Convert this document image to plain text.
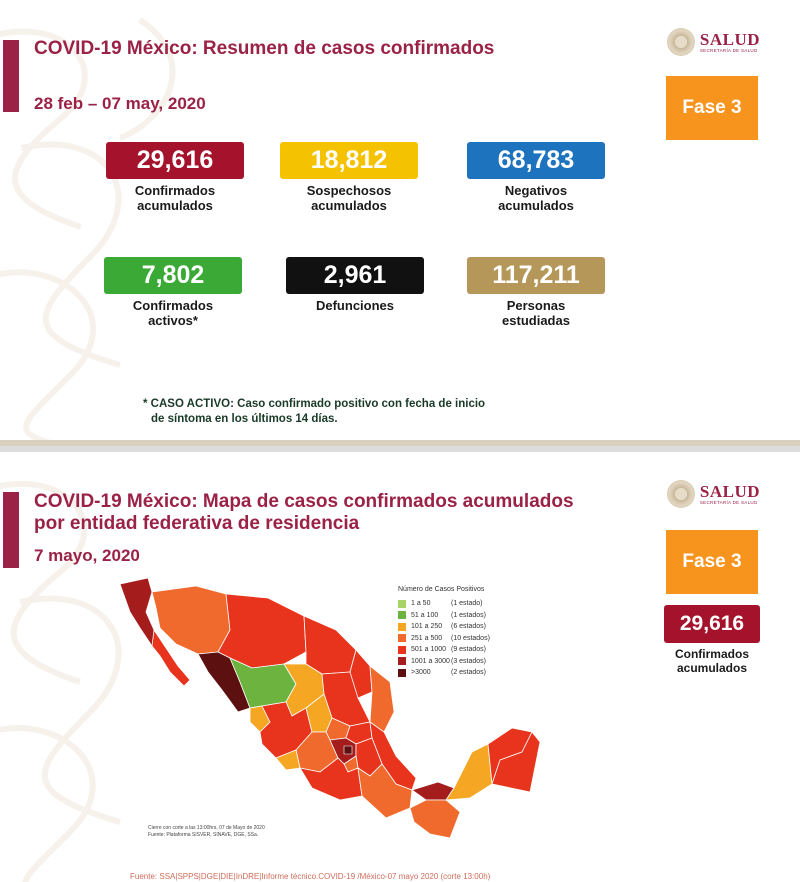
COVID-19 México: Resumen de casos confirmados
28 feb – 07 may, 2020
SALUD
SECRETARÍA DE SALUD
Fase 3
29,616
Confirmados
acumulados
18,812
Sospechosos
acumulados
68,783
Negativos
acumulados
7,802
Confirmados
activos*
2,961
Defunciones
117,211
Personas
estudiadas
* CASO ACTIVO: Caso confirmado positivo con fecha de inicio
de síntoma en los últimos 14 días.
COVID-19 México: Mapa de casos confirmados acumulados
por entidad federativa de residencia
7 mayo, 2020
SALUD
SECRETARÍA DE SALUD
Fase 3
29,616
Confirmados
acumulados
Número de Casos Positivos
1 a 50	(1 estado)
51 a 100	(1 estados)
101 a 250	(6 estados)
251 a 500	(10 estados)
501 a 1000 (9 estados)
1001 a 3000 (3 estados)
>3000	(2 estados)
Cierre con corte a las 13:00hrs, 07 de Mayo de 2020
Fuente: Plataforma SISVER, SINAVE, DGE, SSa.
Fuente: SSA|SPPS|DGE|DIE|InDRE|Informe técnico.COVID-19 /México-07 mayo 2020 (corte 13:00h)
